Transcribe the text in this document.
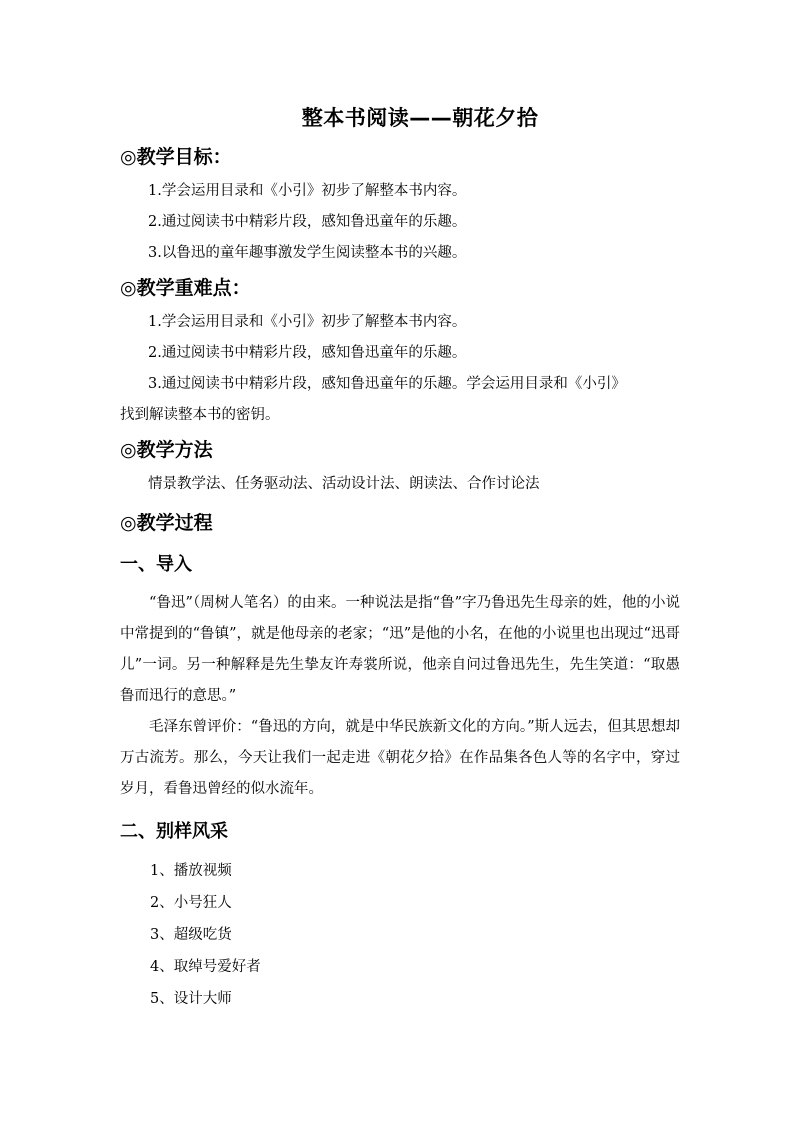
整本书阅读——朝花夕拾
◎教学目标：
1.学会运用目录和《小引》初步了解整本书内容。
2.通过阅读书中精彩片段，感知鲁迅童年的乐趣。
3.以鲁迅的童年趣事激发学生阅读整本书的兴趣。
◎教学重难点：
1.学会运用目录和《小引》初步了解整本书内容。
2.通过阅读书中精彩片段，感知鲁迅童年的乐趣。
3.通过阅读书中精彩片段，感知鲁迅童年的乐趣。学会运用目录和《小引》
找到解读整本书的密钥。
◎教学方法
情景教学法、任务驱动法、活动设计法、朗读法、合作讨论法
◎教学过程
一、导入

“鲁迅”（周树人笔名）的由来。一种说法是指“鲁”字乃鲁迅先生母亲的姓，他的小说中常提到的“鲁镇”，就是他母亲的老家；“迅”是他的小名，在他的小说里也出现过“迅哥儿”一词。另一种解释是先生挚友许寿裳所说，他亲自问过鲁迅先生，先生笑道：“取愚鲁而迅行的意思。”

毛泽东曾评价：“鲁迅的方向，就是中华民族新文化的方向。”斯人远去，但其思想却万古流芳。那么，今天让我们一起走进《朝花夕拾》在作品集各色人等的名字中，穿过岁月，看鲁迅曾经的似水流年。

二、别样风采
1、播放视频
2、小号狂人
3、超级吃货
4、取绰号爱好者
5、设计大师
